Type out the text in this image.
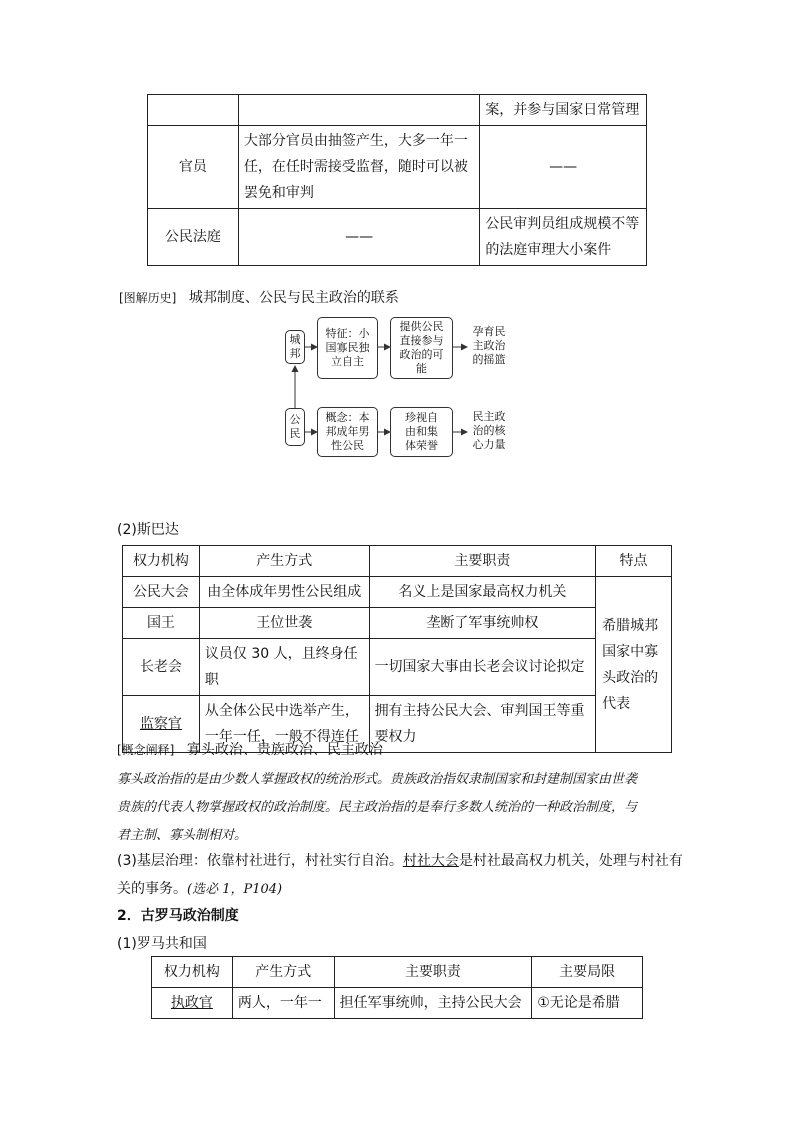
		案，并参与国家日常管理
官员	大部分官员由抽签产生，大多一年一任，在任时需接受监督，随时可以被罢免和审判	——
公民法庭	——	公民审判员组成规模不等的法庭审理大小案件
[图解历史] 城邦制度、公民与民主政治的联系
城邦
特征：小国寡民独立自主
提供公民直接参与政治的可能
孕育民主政治的摇篮
公民
概念：本邦成年男性公民
珍视自由和集体荣誉
民主政治的核心力量
(2)斯巴达
权力机构	产生方式	主要职责	特点
公民大会	由全体成年男性公民组成	名义上是国家最高权力机关	希腊城邦国家中寡头政治的代表
国王	王位世袭	垄断了军事统帅权	
长老会	议员仅 30 人，且终身任职	一切国家大事由长老会议讨论拟定	
监察官	从全体公民中选举产生，一年一任，一般不得连任	拥有主持公民大会、审判国王等重要权力	
[概念阐释] 寡头政治、贵族政治、民主政治
寡头政治指的是由少数人掌握政权的统治形式。贵族政治指奴隶制国家和封建制国家由世袭
贵族的代表人物掌握政权的政治制度。民主政治指的是奉行多数人统治的一种政治制度，与
君主制、寡头制相对。
(3)基层治理：依靠村社进行，村社实行自治。村社大会是村社最高权力机关，处理与村社有
关的事务。(选必 1，P104)
2．古罗马政治制度
(1)罗马共和国
权力机构	产生方式	主要职责	主要局限
执政官	两人，一年一	担任军事统帅，主持公民大会	①无论是希腊
